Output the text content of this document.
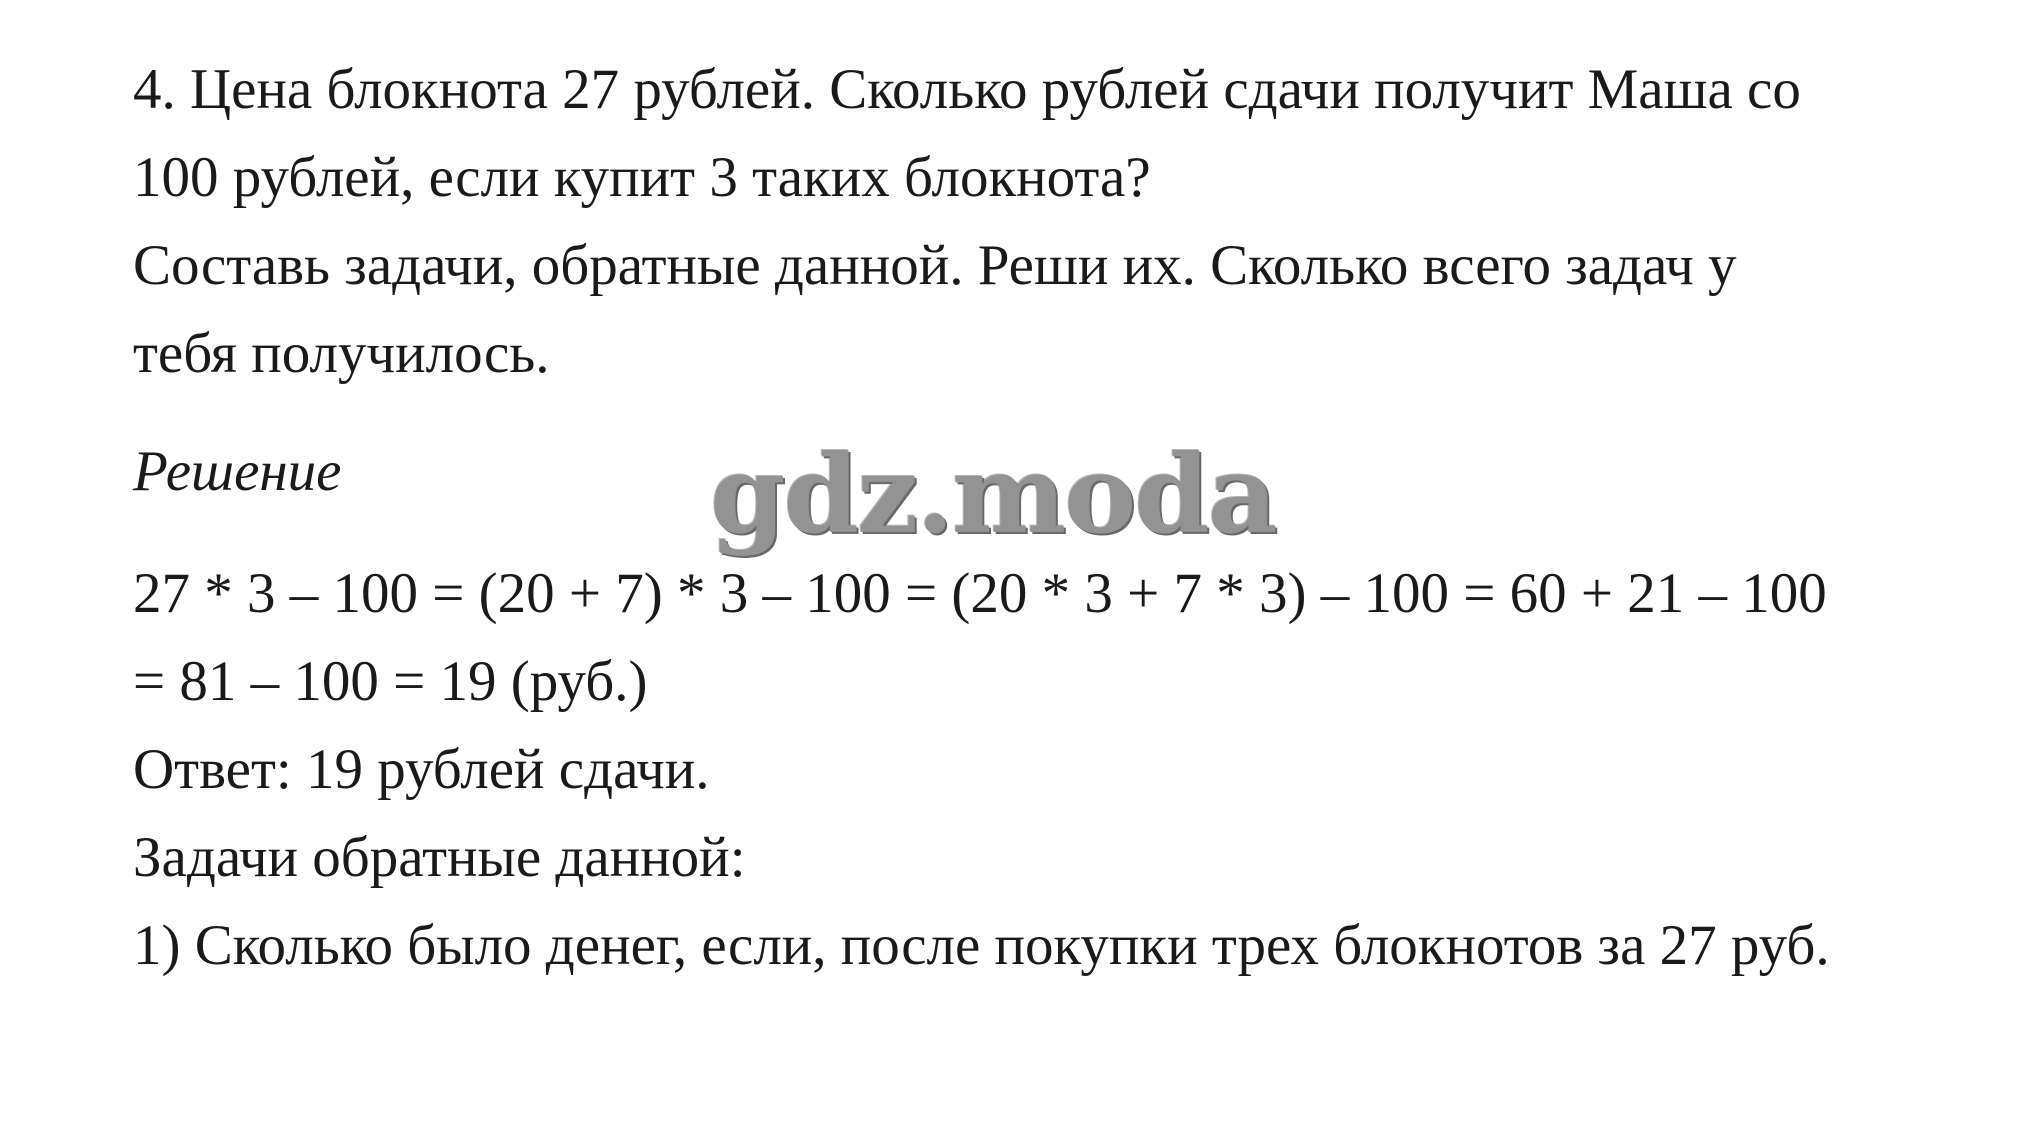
4. Цена блокнота 27 рублей. Сколько рублей сдачи получит Маша со
100 рублей, если купит 3 таких блокнота?
Составь задачи, обратные данной. Реши их. Сколько всего задач у
тебя получилось.
Решение	gdz.moda
27 * 3 – 100 = (20 + 7) * 3 – 100 = (20 * 3 + 7 * 3) – 100 = 60 + 21 – 100
= 81 – 100 = 19 (руб.)
Ответ: 19 рублей сдачи.
Задачи обратные данной:
1) Сколько было денег, если, после покупки трех блокнотов за 27 руб.
